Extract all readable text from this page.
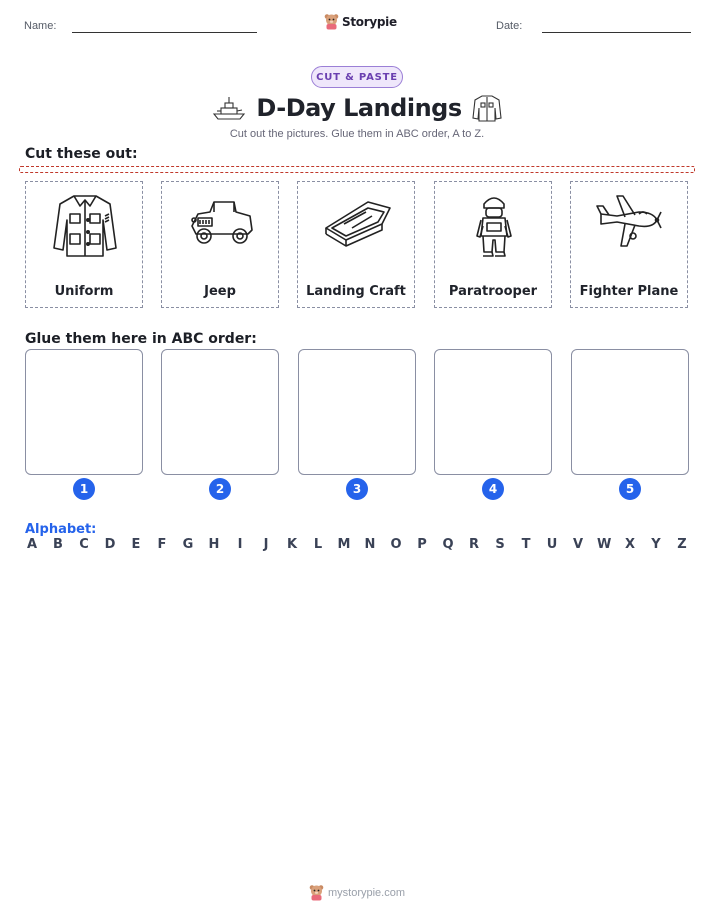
Name:	Storypie	Date:
CUT & PASTE
D-Day Landings
Cut out the pictures. Glue them in ABC order, A to Z.
Cut these out:
Uniform	Jeep	Landing Craft	Paratrooper	Fighter Plane
Glue them here in ABC order:
1	2	3	4	5
Alphabet:
A B C D E F G H	I	J	K L M N O P Q R S T U V W X Y Z
mystorypie.com
